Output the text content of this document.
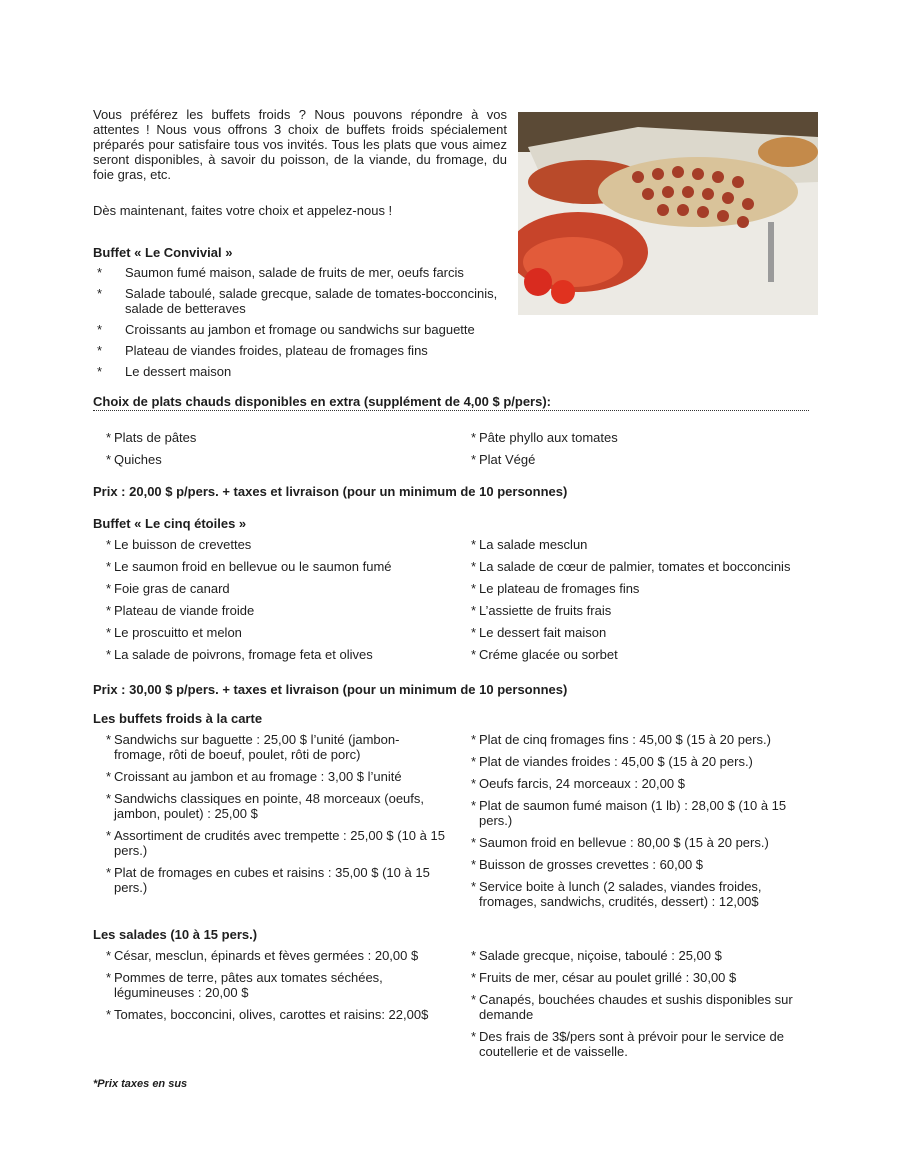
Vous préférez les buffets froids ? Nous pouvons répondre à vos attentes ! Nous vous offrons 3 choix de buffets froids spécialement préparés pour satisfaire tous vos invités. Tous les plats que vous aimez seront disponibles, à savoir du poisson, de la viande, du fromage, du foie gras, etc.

Dès maintenant, faites votre choix et appelez-nous !

Buffet « Le Convivial »
* Saumon fumé maison, salade de fruits de mer, oeufs farcis
* Salade taboulé, salade grecque, salade de tomates-bocconcinis, salade de betteraves
* Croissants au jambon et fromage ou sandwichs sur baguette
* Plateau de viandes froides, plateau de fromages fins
* Le dessert maison
Choix de plats chauds disponibles en extra (supplément de 4,00 $ p/pers):
* Plats de pâtes
* Quiches
* Pâte phyllo aux tomates
* Plat Végé
Prix : 20,00 $ p/pers. + taxes et livraison (pour un minimum de 10 personnes)
Buffet « Le cinq étoiles »
* Le buisson de crevettes
* Le saumon froid en bellevue ou le saumon fumé
* Foie gras de canard
* Plateau de viande froide
* Le proscuitto et melon
* La salade de poivrons, fromage feta et olives
* La salade mesclun
* La salade de cœur de palmier, tomates et bocconcinis
* Le plateau de fromages fins
* L’assiette de fruits frais
* Le dessert fait maison
* Créme glacée ou sorbet
Prix : 30,00 $ p/pers. + taxes et livraison (pour un minimum de 10 personnes)
Les buffets froids à la carte
* Sandwichs sur baguette : 25,00 $ l’unité (jambon-fromage, rôti de boeuf, poulet, rôti de porc)
* Croissant au jambon et au fromage : 3,00 $ l’unité
* Sandwichs classiques en pointe, 48 morceaux (oeufs, jambon, poulet) : 25,00 $
* Assortiment de crudités avec trempette : 25,00 $ (10 à 15 pers.)
* Plat de fromages en cubes et raisins : 35,00 $ (10 à 15 pers.)
* Plat de cinq fromages fins : 45,00 $ (15 à 20 pers.)
* Plat de viandes froides : 45,00 $ (15 à 20 pers.)
* Oeufs farcis, 24 morceaux : 20,00 $
* Plat de saumon fumé maison (1 lb) : 28,00 $ (10 à 15 pers.)
* Saumon froid en bellevue : 80,00 $ (15 à 20 pers.)
* Buisson de grosses crevettes : 60,00 $
* Service boite à lunch (2 salades, viandes froides, fromages, sandwichs, crudités, dessert) : 12,00$
Les salades (10 à 15 pers.)
* César, mesclun, épinards et fèves germées : 20,00 $
* Pommes de terre, pâtes aux tomates séchées, légumineuses : 20,00 $
* Tomates, bocconcini, olives, carottes et raisins: 22,00$
* Salade grecque, niçoise, taboulé : 25,00 $
* Fruits de mer, césar au poulet grillé : 30,00 $
* Canapés, bouchées chaudes et sushis disponibles sur demande
* Des frais de 3$/pers sont à prévoir pour le service de coutellerie et de vaisselle.
*Prix taxes en sus
